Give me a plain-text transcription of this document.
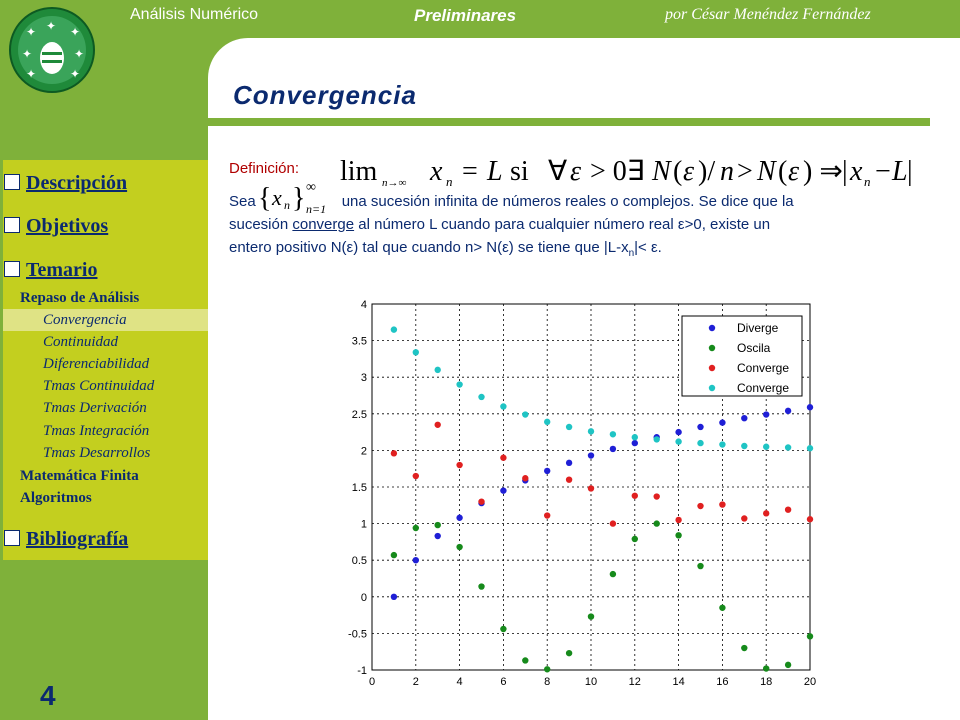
✦	✦
✦	✦
✦	✦
✦
Análisis Numérico	Preliminares	por César Menéndez Fernández
Convergencia
Descripción
Objetivos
Temario
Repaso de Análisis
Convergencia
Continuidad
Diferenciabilidad
Tmas Continuidad
Tmas Derivación
Tmas Integración
Tmas Desarrollos
Matemática Finita
Algoritmos
Bibliografía
4
Definición: lim n→∞ x n = L si ∀ ε > 0∃ N ( ε )/ n > N ( ε ) ⇒ | x n − L |
{ x n } ∞
n=1
Sea	una sucesión infinita de números reales o complejos. Se dice que la
sucesión converge al número L cuando para cualquier número real ε>0, existe un
entero positivo N(ε) tal que cuando n> N(ε) se tiene que $|L-x_n|< \varepsilon$.
0	2	4	6	8	10	12	14	16	18	20
-1
-0.5
0
0.5
1
1.5
2
2.5
3
3.5
4
Diverge
Oscila
Converge
Converge
